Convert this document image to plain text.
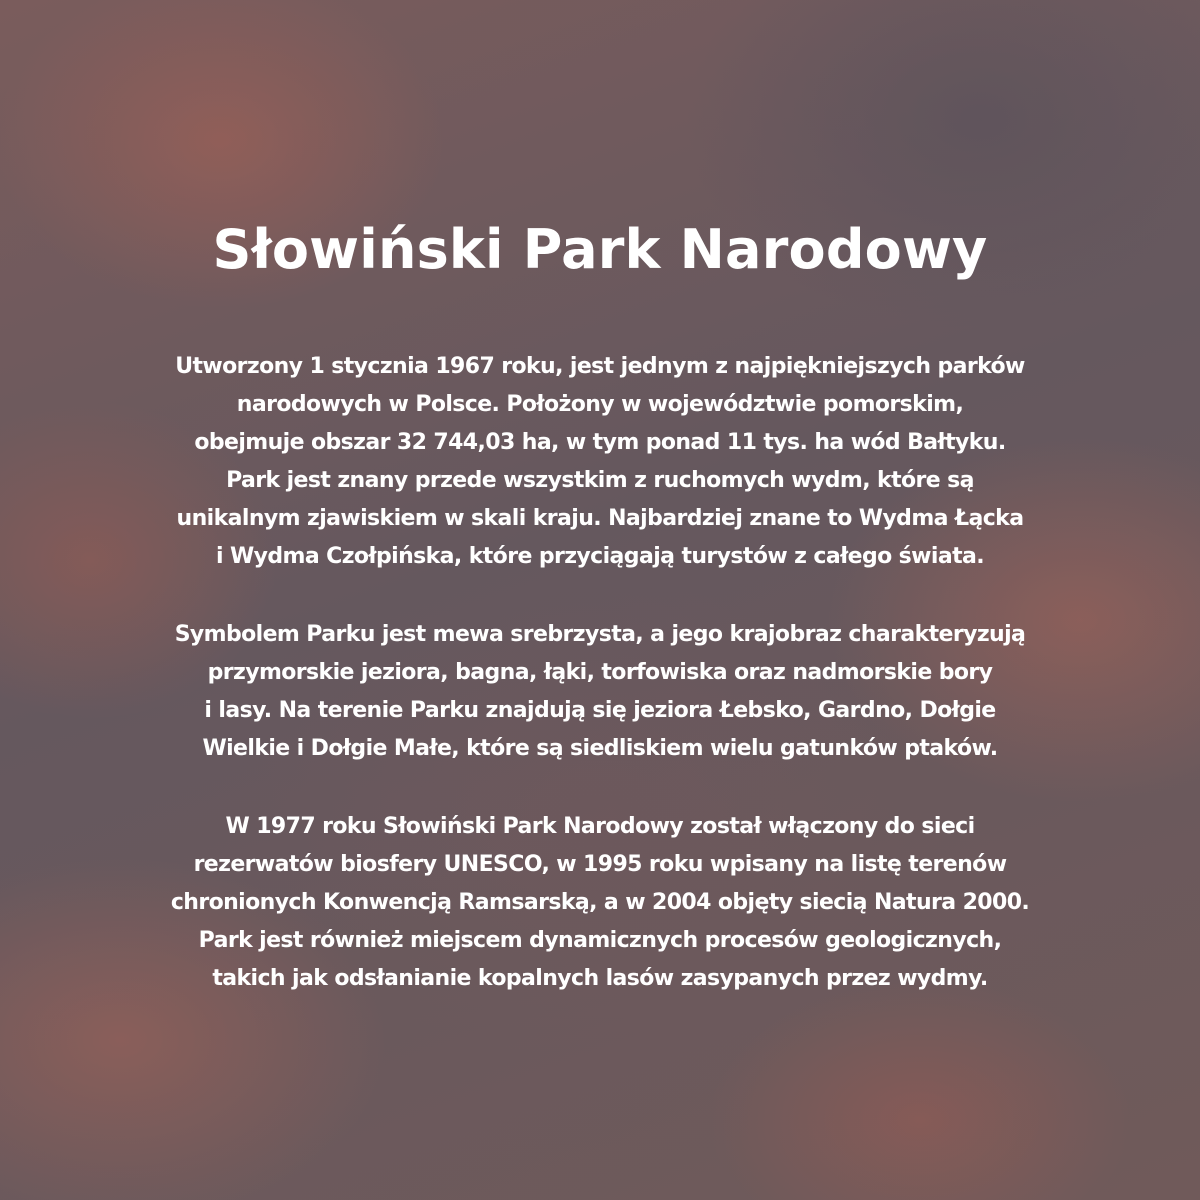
Słowiński Park Narodowy
Utworzony 1 stycznia 1967 roku, jest jednym z najpiękniejszych parków
narodowych w Polsce. Położony w województwie pomorskim,
obejmuje obszar 32 744,03 ha, w tym ponad 11 tys. ha wód Bałtyku.
Park jest znany przede wszystkim z ruchomych wydm, które są
unikalnym zjawiskiem w skali kraju. Najbardziej znane to Wydma Łącka
i Wydma Czołpińska, które przyciągają turystów z całego świata.
Symbolem Parku jest mewa srebrzysta, a jego krajobraz charakteryzują
przymorskie jeziora, bagna, łąki, torfowiska oraz nadmorskie bory
i lasy. Na terenie Parku znajdują się jeziora Łebsko, Gardno, Dołgie
Wielkie i Dołgie Małe, które są siedliskiem wielu gatunków ptaków.
W 1977 roku Słowiński Park Narodowy został włączony do sieci
rezerwatów biosfery UNESCO, w 1995 roku wpisany na listę terenów
chronionych Konwencją Ramsarską, a w 2004 objęty siecią Natura 2000.
Park jest również miejscem dynamicznych procesów geologicznych,
takich jak odsłanianie kopalnych lasów zasypanych przez wydmy.
